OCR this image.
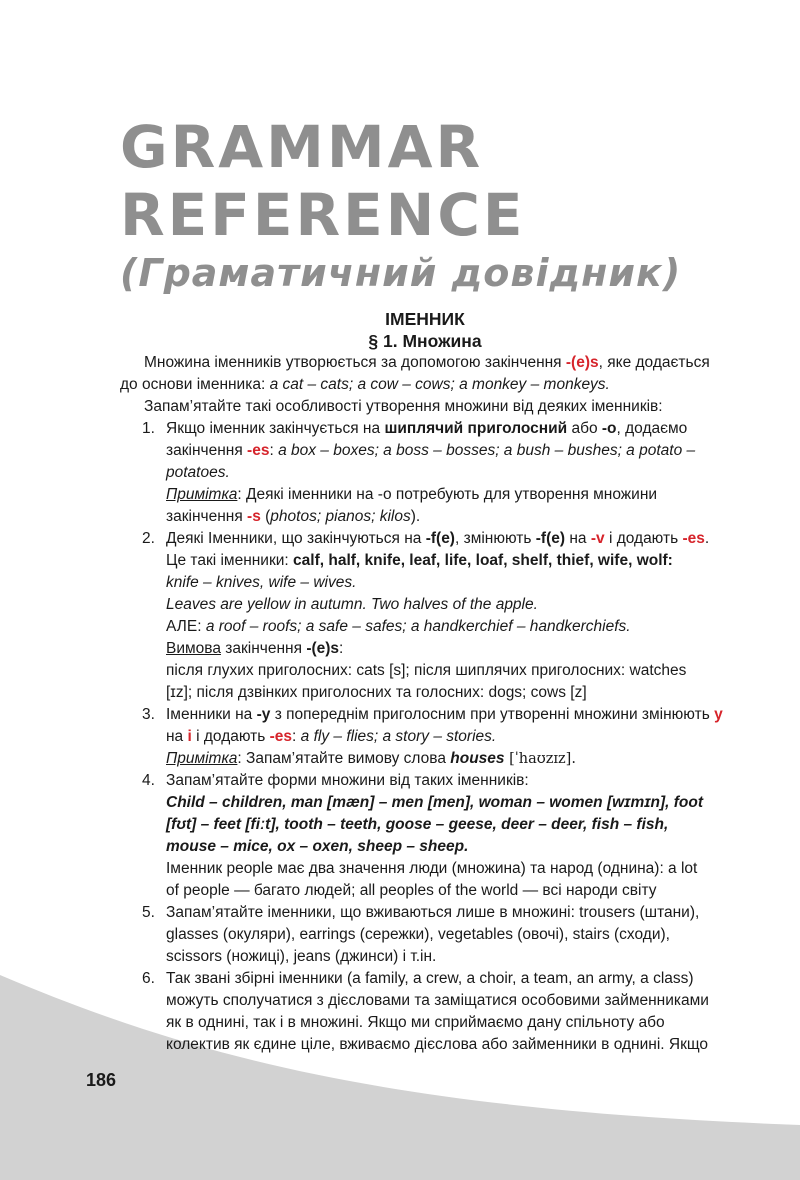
GRAMMAR
REFERENCE
(Граматичний довідник)
ІМЕННИК
§ 1. Множина

Множина іменників утворюється за допомогою закінчення -(e)s, яке додається до основи іменника: a cat – cats; a cow – cows; a monkey – monkeys.

Запам’ятайте такі особливості утворення множини від деяких іменників:

1. Якщо іменник закінчується на шиплячий приголосний або -o, додаємо закінчення -es: a box – boxes; a boss – bosses; a bush – bushes; a potato – potatoes.
Примітка: Деякі іменники на -o потребують для утворення множини закінчення -s (photos; pianos; kilos).
2. Деякі Іменники, що закінчуються на -f(e), змінюють -f(e) на -v і додають -es.
Це такі іменники: calf, half, knife, leaf, life, loaf, shelf, thief, wife, wolf:
knife – knives, wife – wives.
Leaves are yellow in autumn. Two halves of the apple.
АЛЕ: a roof – roofs; a safe – safes; a handkerchief – handkerchiefs.
Вимова закінчення -(e)s:
після глухих приголосних: cats [s]; після шиплячих приголосних: watches
[ɪz]; після дзвінких приголосних та голосних: dogs; cows [z]
3. Іменники на -y з попереднім приголосним при утворенні множини змінюють y на i і додають -es: a fly – flies; a story – stories.
Примітка: Запам’ятайте вимову слова houses [ˈhaʊzɪz].
4. Запам’ятайте форми множини від таких іменників:
Child – children, man [mæn] – men [men], woman – women [wɪmɪn], foot
[fʊt] – feet [fiːt], tooth – teeth, goose – geese, deer – deer, fish – fish,
mouse – mice, ox – oxen, sheep – sheep.
Іменник people має два значення люди (множина) та народ (однина): a lot
of people — багато людей; all peoples of the world — всі народи світу
5. Запам’ятайте іменники, що вживаються лише в множині: trousers (штани),
glasses (окуляри), earrings (сережки), vegetables (овочі), stairs (сходи),
scissors (ножиці), jeans (джинси) і т.ін.
6. Так звані збірні іменники (a family, a crew, a choir, a team, an army, a class)
можуть сполучатися з дієсловами та заміщатися особовими займенниками
як в однині, так і в множині. Якщо ми сприймаємо дану спільноту або
колектив як єдине ціле, вживаємо дієслова або займенники в однині. Якщо
186
